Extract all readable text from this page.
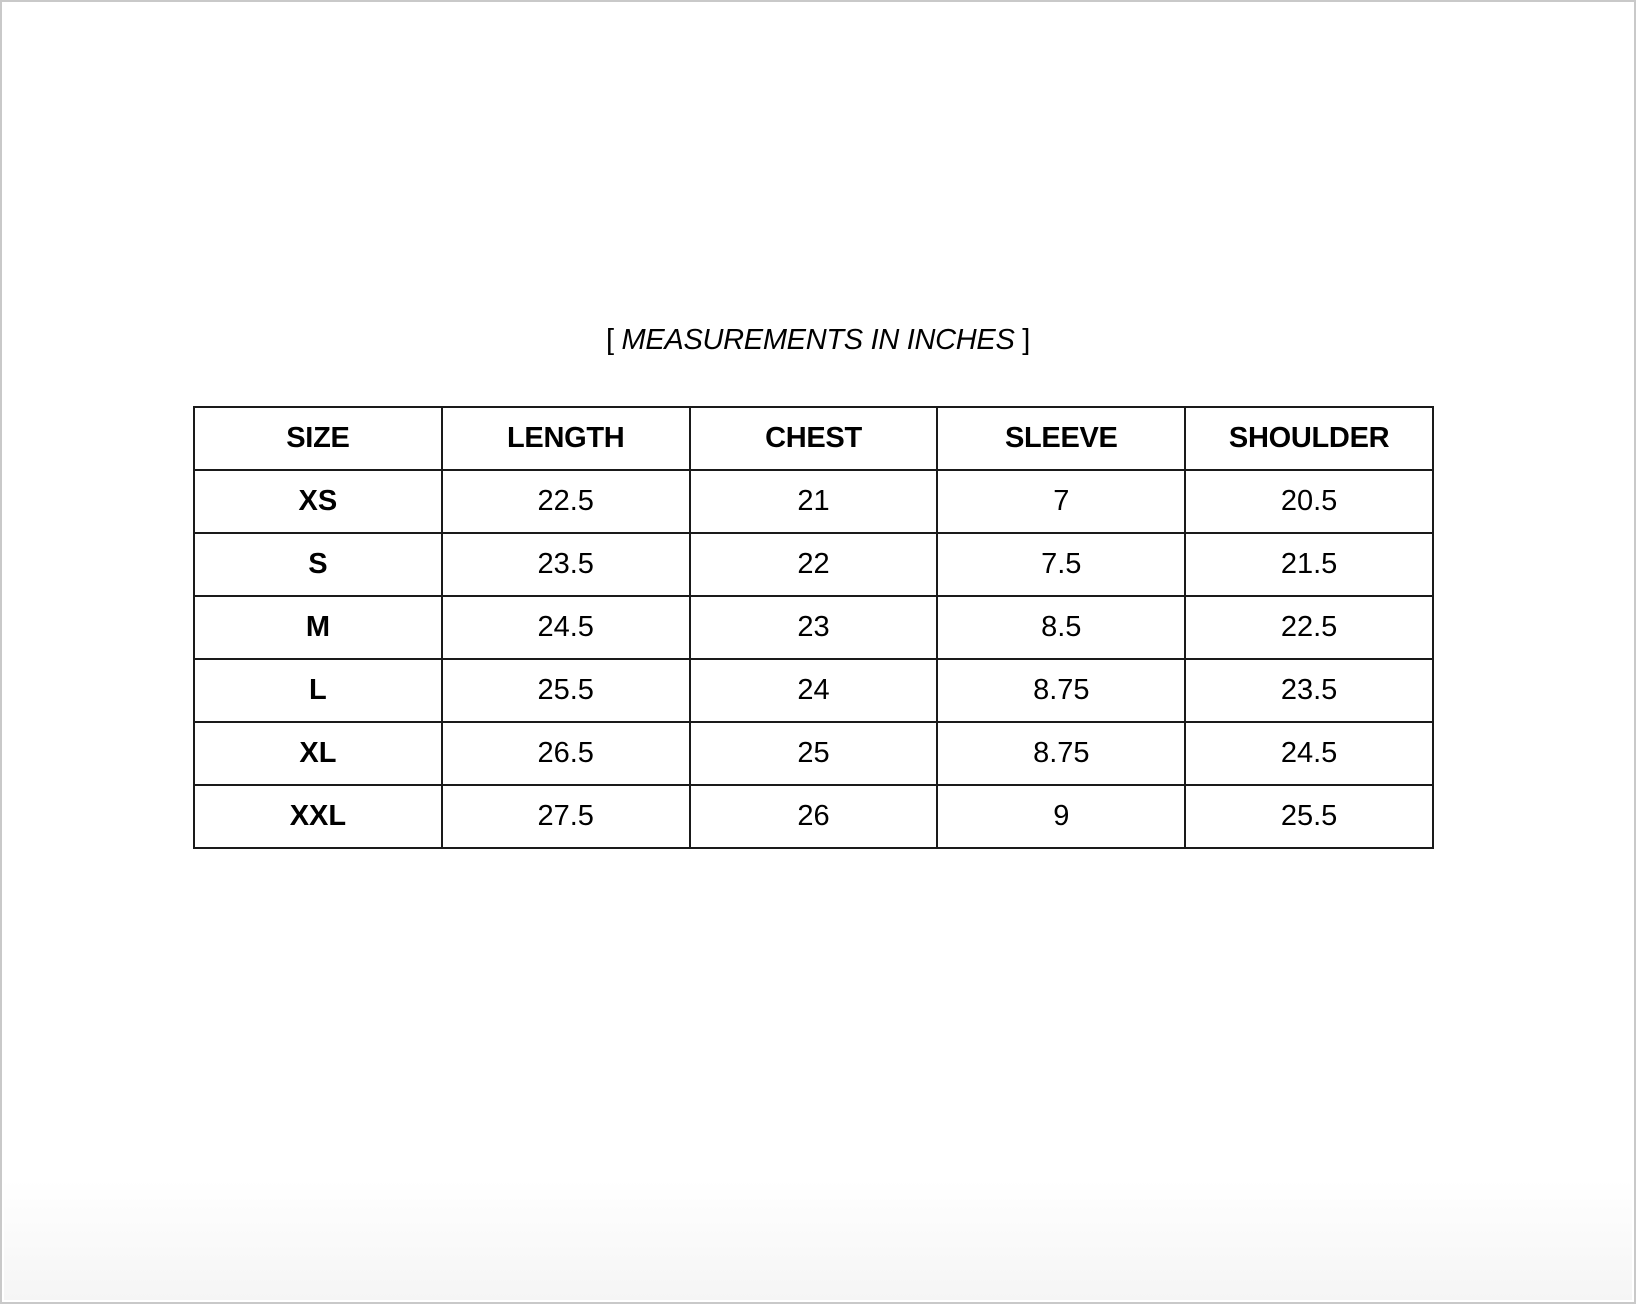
[ MEASUREMENTS IN INCHES ]
SIZE	LENGTH	CHEST	SLEEVE	SHOULDER
XS	22.5	21	7	20.5
S	23.5	22	7.5	21.5
M	24.5	23	8.5	22.5
L	25.5	24	8.75	23.5
XL	26.5	25	8.75	24.5
XXL	27.5	26	9	25.5
